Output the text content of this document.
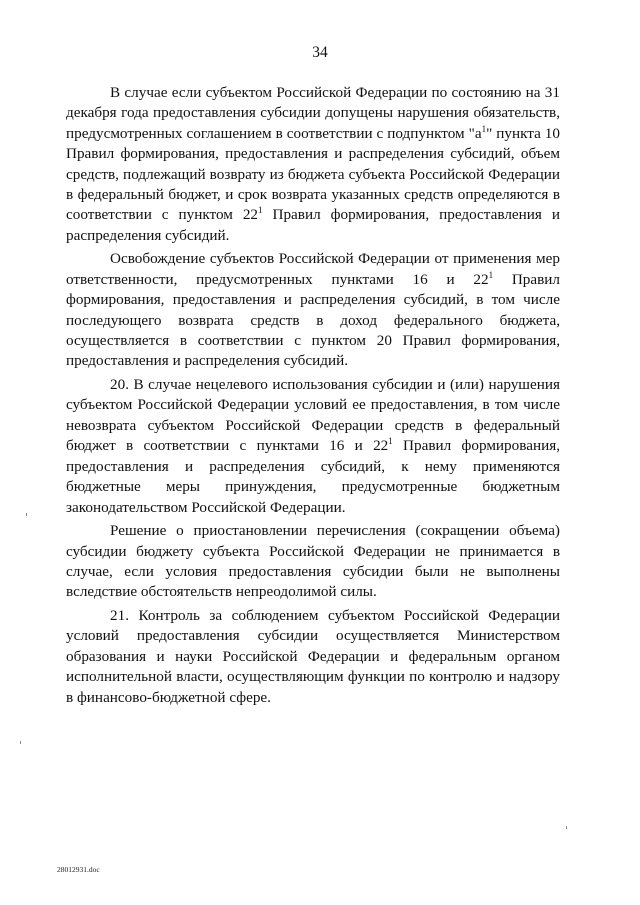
34

В случае если субъектом Российской Федерации по состоянию на 31 декабря года предоставления субсидии допущены нарушения обязательств, предусмотренных соглашением в соответствии с подпунктом "$а^1$" пункта 10 Правил формирования, предоставления и распределения субсидий, объем средств, подлежащий возврату из бюджета субъекта Российской Федерации в федеральный бюджет, и срок возврата указанных средств определяются в соответствии с пунктом $22^1$ Правил формирования, предоставления и распределения субсидий.

Освобождение субъектов Российской Федерации от применения мер ответственности, предусмотренных пунктами 16 и $22^1$ Правил формирования, предоставления и распределения субсидий, в том числе последующего возврата средств в доход федерального бюджета, осуществляется в соответствии с пунктом 20 Правил формирования, предоставления и распределения субсидий.

20. В случае нецелевого использования субсидии и (или) нарушения субъектом Российской Федерации условий ее предоставления, в том числе невозврата субъектом Российской Федерации средств в федеральный бюджет в соответствии с пунктами 16 и $22^1$ Правил формирования, предоставления и распределения субсидий, к нему применяются бюджетные меры принуждения, предусмотренные бюджетным законодательством Российской Федерации.

Решение о приостановлении перечисления (сокращении объема) субсидии бюджету субъекта Российской Федерации не принимается в случае, если условия предоставления субсидии были не выполнены вследствие обстоятельств непреодолимой силы.

21. Контроль за соблюдением субъектом Российской Федерации условий предоставления субсидии осуществляется Министерством образования и науки Российской Федерации и федеральным органом исполнительной власти, осуществляющим функции по контролю и надзору в финансово-бюджетной сфере.

28012931.doc
